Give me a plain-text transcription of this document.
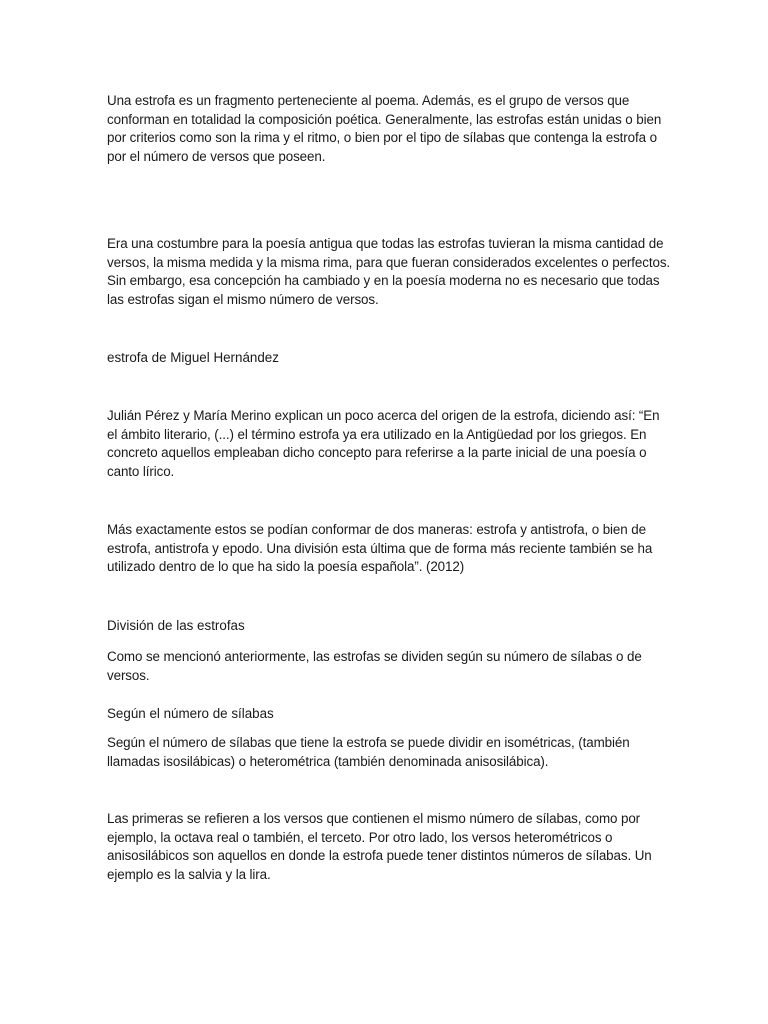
Una estrofa es un fragmento perteneciente al poema. Además, es el grupo de versos que conforman en totalidad la composición poética. Generalmente, las estrofas están unidas o bien por criterios como son la rima y el ritmo, o bien por el tipo de sílabas que contenga la estrofa o por el número de versos que poseen.

Era una costumbre para la poesía antigua que todas las estrofas tuvieran la misma cantidad de versos, la misma medida y la misma rima, para que fueran considerados excelentes o perfectos. Sin embargo, esa concepción ha cambiado y en la poesía moderna no es necesario que todas las estrofas sigan el mismo número de versos.

estrofa de Miguel Hernández

Julián Pérez y María Merino explican un poco acerca del origen de la estrofa, diciendo así: “En el ámbito literario, (...) el término estrofa ya era utilizado en la Antigüedad por los griegos. En concreto aquellos empleaban dicho concepto para referirse a la parte inicial de una poesía o canto lírico.

Más exactamente estos se podían conformar de dos maneras: estrofa y antistrofa, o bien de estrofa, antistrofa y epodo. Una división esta última que de forma más reciente también se ha utilizado dentro de lo que ha sido la poesía española”. (2012)

División de las estrofas

Como se mencionó anteriormente, las estrofas se dividen según su número de sílabas o de versos.

Según el número de sílabas

Según el número de sílabas que tiene la estrofa se puede dividir en isométricas, (también llamadas isosilábicas) o heterométrica (también denominada anisosilábica).

Las primeras se refieren a los versos que contienen el mismo número de sílabas, como por ejemplo, la octava real o también, el terceto. Por otro lado, los versos heterométricos o anisosilábicos son aquellos en donde la estrofa puede tener distintos números de sílabas. Un ejemplo es la salvia y la lira.
